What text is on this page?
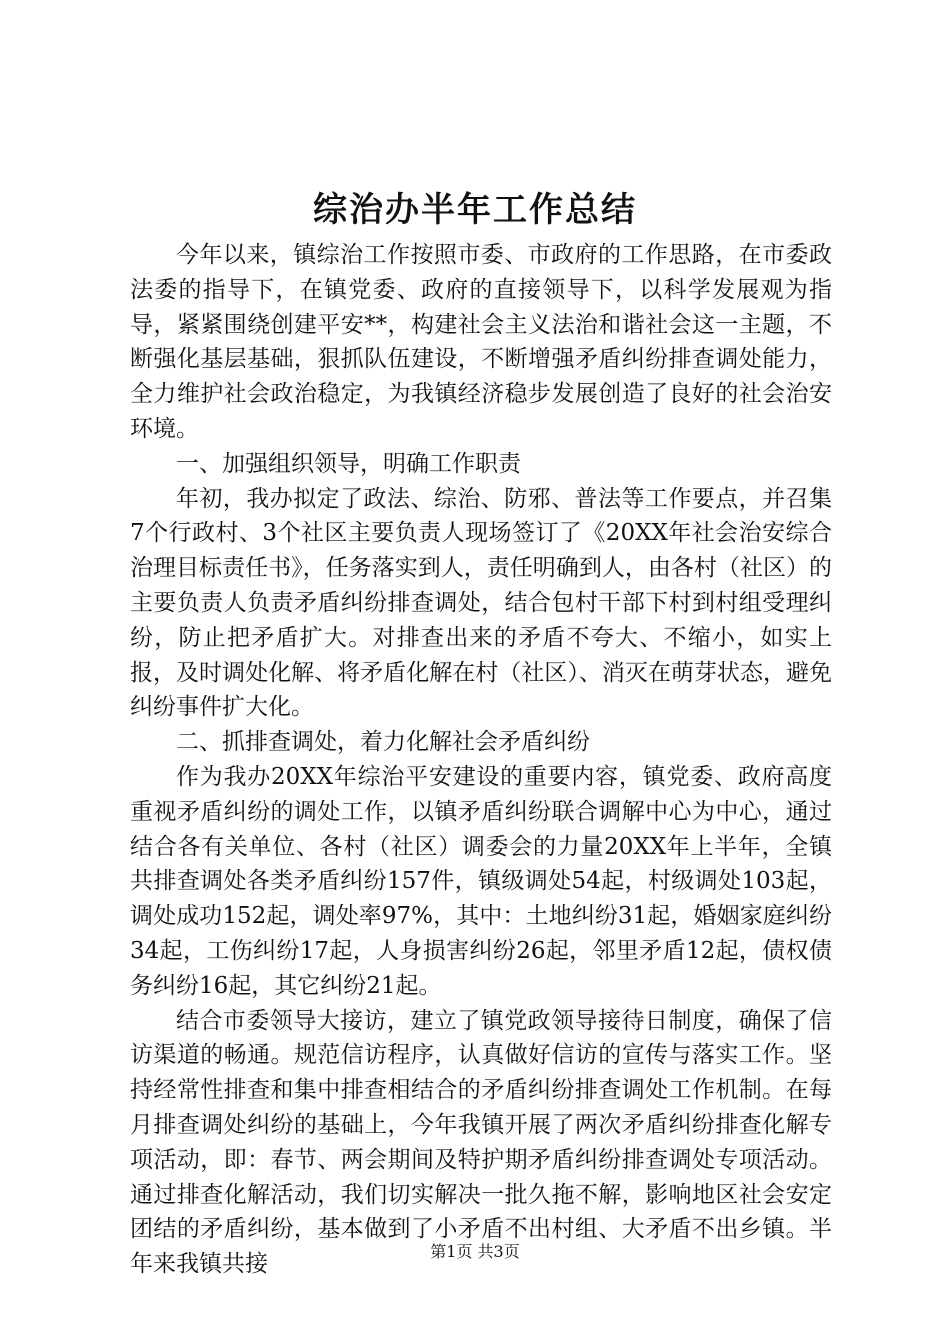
综治办半年工作总结

今年以来，镇综治工作按照市委、市政府的工作思路，在市委政法委的指导下，在镇党委、政府的直接领导下，以科学发展观为指导，紧紧围绕创建平安**，构建社会主义法治和谐社会这一主题，不断强化基层基础，狠抓队伍建设，不断增强矛盾纠纷排查调处能力，全力维护社会政治稳定，为我镇经济稳步发展创造了良好的社会治安环境。

一、加强组织领导，明确工作职责

年初，我办拟定了政法、综治、防邪、普法等工作要点，并召集7个行政村、3个社区主要负责人现场签订了《20XX年社会治安综合治理目标责任书》，任务落实到人，责任明确到人，由各村（社区）的主要负责人负责矛盾纠纷排查调处，结合包村干部下村到村组受理纠纷，防止把矛盾扩大。对排查出来的矛盾不夸大、不缩小，如实上报，及时调处化解、将矛盾化解在村（社区）、消灭在萌芽状态，避免纠纷事件扩大化。

二、抓排查调处，着力化解社会矛盾纠纷

作为我办20XX年综治平安建设的重要内容，镇党委、政府高度重视矛盾纠纷的调处工作，以镇矛盾纠纷联合调解中心为中心，通过结合各有关单位、各村（社区）调委会的力量20XX年上半年，全镇共排查调处各类矛盾纠纷157件，镇级调处54起，村级调处103起，调处成功152起，调处率97%，其中：土地纠纷31起，婚姻家庭纠纷34起，工伤纠纷17起，人身损害纠纷26起，邻里矛盾12起，债权债务纠纷16起，其它纠纷21起。

结合市委领导大接访，建立了镇党政领导接待日制度，确保了信访渠道的畅通。规范信访程序，认真做好信访的宣传与落实工作。坚持经常性排查和集中排查相结合的矛盾纠纷排查调处工作机制。在每月排查调处纠纷的基础上，今年我镇开展了两次矛盾纠纷排查化解专项活动，即：春节、两会期间及特护期矛盾纠纷排查调处专项活动。通过排查化解活动，我们切实解决一批久拖不解，影响地区社会安定团结的矛盾纠纷，基本做到了小矛盾不出村组、大矛盾不出乡镇。半年来我镇共接	第1页 共3页
